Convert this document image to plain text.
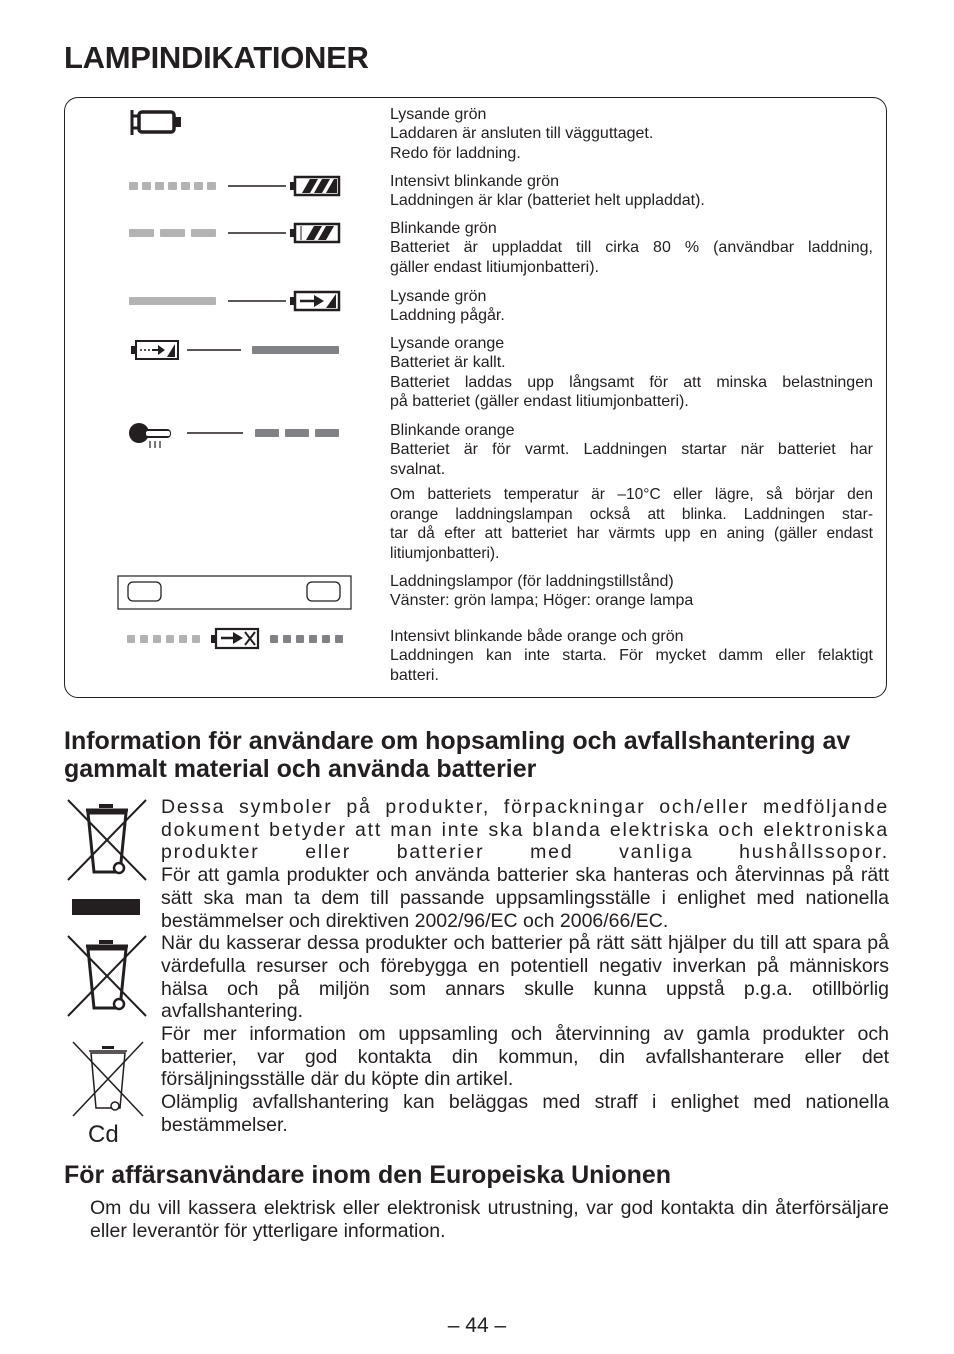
LAMPINDIKATIONER
Lysande grön
Laddaren är ansluten till vägguttaget.
Redo för laddning.
Intensivt blinkande grön
Laddningen är klar (batteriet helt uppladdat).
Blinkande grön
Batteriet är uppladdat till cirka 80 % (användbar laddning,
gäller endast litiumjonbatteri).
Lysande grön
Laddning pågår.
Lysande orange
Batteriet är kallt.
Batteriet laddas upp långsamt för att minska belastningen
på batteriet (gäller endast litiumjonbatteri).
Blinkande orange
Batteriet är för varmt. Laddningen startar när batteriet har
svalnat.
Om batteriets temperatur är –10°C eller lägre, så börjar den
orange laddningslampan också att blinka. Laddningen star-
tar då efter att batteriet har värmts upp en aning (gäller endast
litiumjonbatteri).
Laddningslampor (för laddningstillstånd)
Vänster: grön lampa; Höger: orange lampa
Intensivt blinkande både orange och grön
Laddningen kan inte starta. För mycket damm eller felaktigt
batteri.
Information för användare om hopsamling och avfallshantering av gammalt material och använda batterier
Cd

Dessa symboler på produkter, förpackningar och/eller medföljande dokument betyder att man inte ska blanda elektriska och elektroniska produkter eller batterier med vanliga hushållssopor.

För att gamla produkter och använda batterier ska hanteras och återvinnas på rätt sätt ska man ta dem till passande uppsamlingsställe i enlighet med nationella bestämmelser och direktiven 2002/96/EC och 2006/66/EC.

När du kasserar dessa produkter och batterier på rätt sätt hjälper du till att spara på värdefulla resurser och förebygga en potentiell negativ inverkan på människors hälsa och på miljön som annars skulle kunna uppstå p.g.a. otillbörlig avfallshantering.

För mer information om uppsamling och återvinning av gamla produkter och batterier, var god kontakta din kommun, din avfallshanterare eller det försäljningsställe där du köpte din artikel.

Olämplig avfallshantering kan beläggas med straff i enlighet med nationella bestämmelser.

För affärsanvändare inom den Europeiska Unionen

Om du vill kassera elektrisk eller elektronisk utrustning, var god kontakta din återförsäljare eller leverantör för ytterligare information.

– 44 –
